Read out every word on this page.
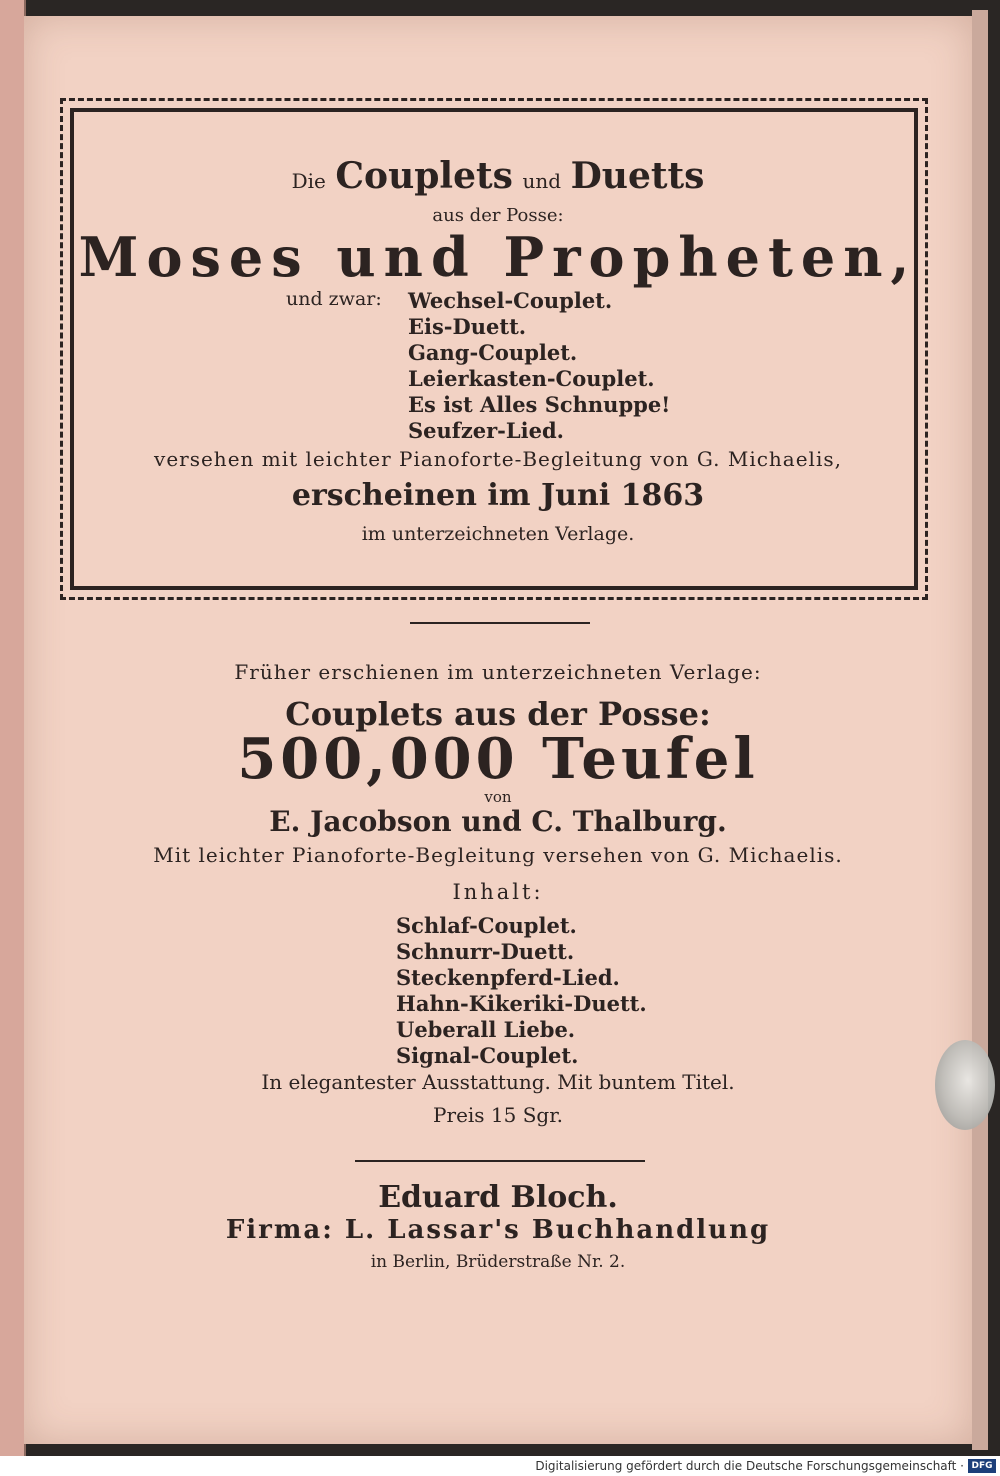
Die Couplets und Duetts

aus der Posse:

Moses und Propheten,

und zwar: Wechsel-Couplet.
Eis-Duett.
Gang-Couplet.
Leierkasten-Couplet.
Es ist Alles Schnuppe!
Seufzer-Lied.

versehen mit leichter Pianoforte-Begleitung von G. Michaelis,

erscheinen im Juni 1863

im unterzeichneten Verlage.

Früher erschienen im unterzeichneten Verlage:

Couplets aus der Posse:

500,000 Teufel

von

E. Jacobson und C. Thalburg.

Mit leichter Pianoforte-Begleitung versehen von G. Michaelis.

Inhalt:

Schlaf-Couplet.
Schnurr-Duett.
Steckenpferd-Lied.
Hahn-Kikeriki-Duett.
Ueberall Liebe.
Signal-Couplet.

In elegantester Ausstattung. Mit buntem Titel.

Preis 15 Sgr.

Eduard Bloch.

Firma: L. Lassar's Buchhandlung

in Berlin, Brüderstraße Nr. 2.

Digitalisierung gefördert durch die Deutsche Forschungsgemeinschaft · DFG
